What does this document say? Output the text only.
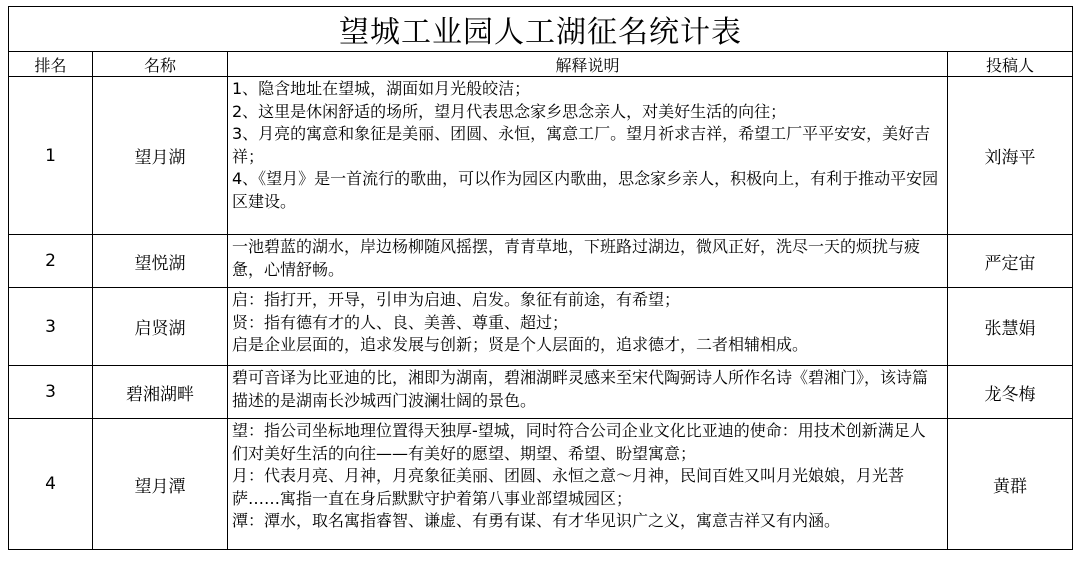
望城工业园人工湖征名统计表			
排名	名称	解释说明	投稿人
1	望月湖	1、隐含地址在望城，湖面如月光般皎洁；
2、这里是休闲舒适的场所，望月代表思念家乡思念亲人，对美好生活的向往；
3、月亮的寓意和象征是美丽、团圆、永恒，寓意工厂。望月祈求吉祥，希望工厂平平安安，美好吉祥；
4、《望月》是一首流行的歌曲，可以作为园区内歌曲，思念家乡亲人，积极向上，有利于推动平安园区建设。	刘海平
2	望悦湖	一池碧蓝的湖水，岸边杨柳随风摇摆，青青草地，下班路过湖边，微风正好，洗尽一天的烦扰与疲惫，心情舒畅。	严定宙
3	启贤湖	启：指打开，开导，引申为启迪、启发。象征有前途，有希望；
贤：指有德有才的人、良、美善、尊重、超过；
启是企业层面的，追求发展与创新；贤是个人层面的，追求德才，二者相辅相成。	张慧娟
3	碧湘湖畔	碧可音译为比亚迪的比，湘即为湖南，碧湘湖畔灵感来至宋代陶弼诗人所作名诗《碧湘门》，该诗篇描述的是湖南长沙城西门波澜壮阔的景色。	龙冬梅
4	望月潭	望：指公司坐标地理位置得天独厚-望城，同时符合公司企业文化比亚迪的使命：用技术创新满足人们对美好生活的向往——有美好的愿望、期望、希望、盼望寓意；
月：代表月亮、月神，月亮象征美丽、团圆、永恒之意～月神，民间百姓又叫月光娘娘，月光菩萨……寓指一直在身后默默守护着第八事业部望城园区；
潭：潭水，取名寓指睿智、谦虚、有勇有谋、有才华见识广之义，寓意吉祥又有内涵。	黄群
